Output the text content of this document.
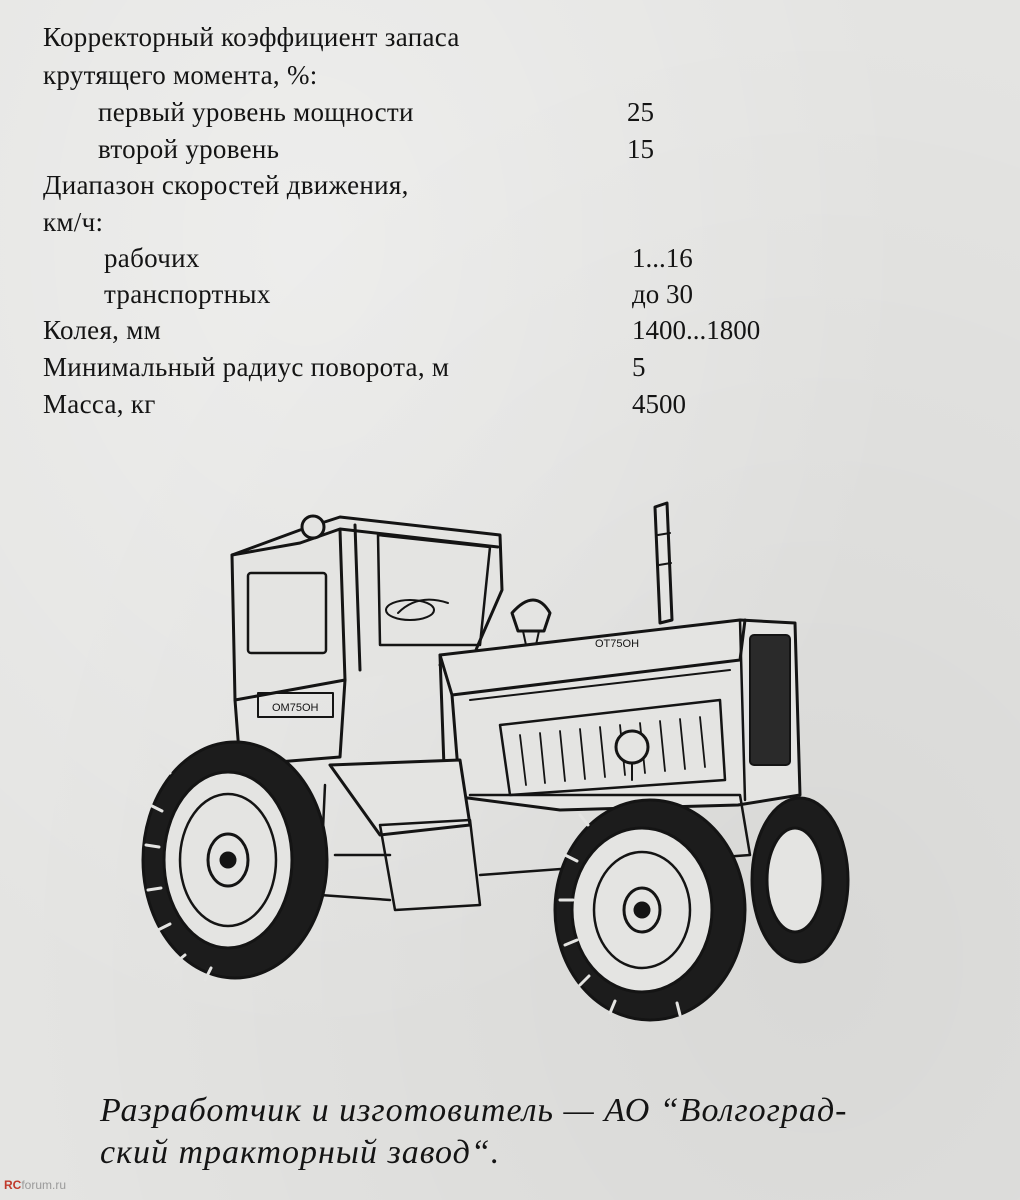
Корректорный коэффициент запаса
крутящего момента, %:
первый уровень мощности	25
второй уровень	15
Диапазон скоростей движения,
км/ч:
рабочих	1...16
транспортных	до 30
Колея, мм	1400...1800
Минимальный радиус поворота, м	5
Масса, кг	4500
ОМ75ОН
ОТ75ОН
Разработчик и изготовитель — АО “Волгоград-
ский тракторный завод“.
RCforum.ru
